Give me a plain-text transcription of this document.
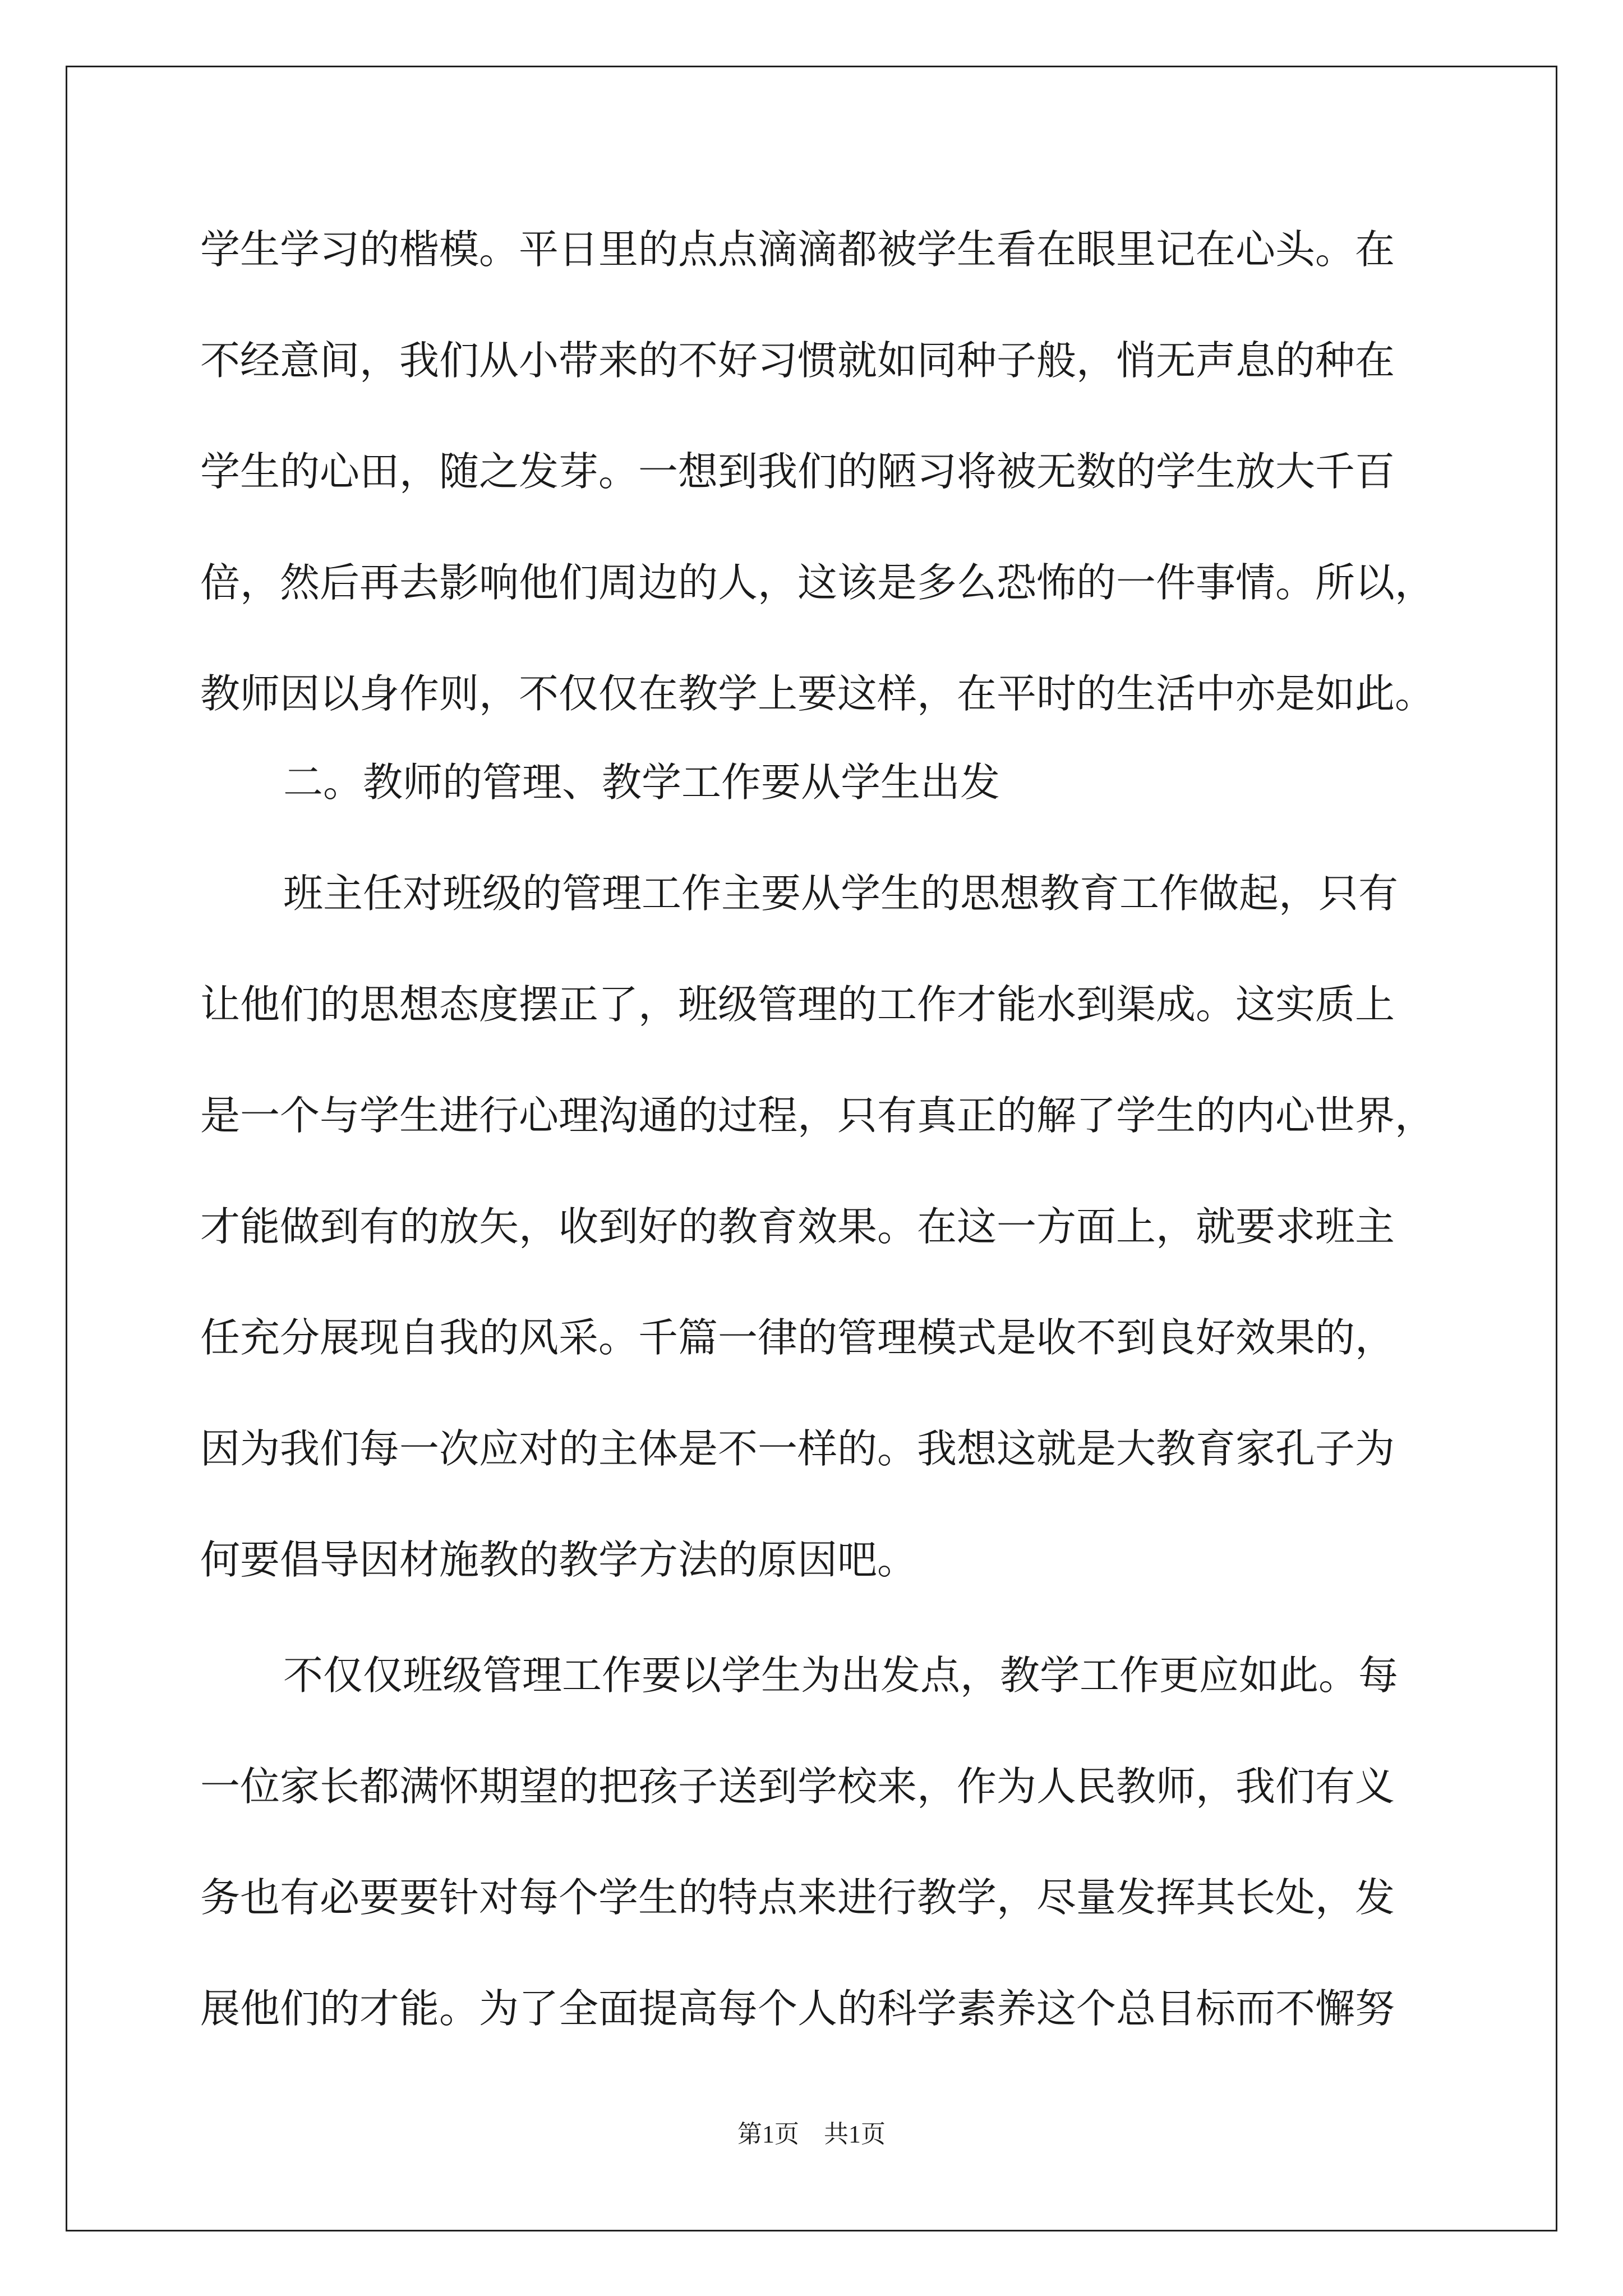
学生学习的楷模。平日里的点点滴滴都被学生看在眼里记在心头。在
不经意间，我们从小带来的不好习惯就如同种子般，悄无声息的种在
学生的心田，随之发芽。一想到我们的陋习将被无数的学生放大千百
倍，然后再去影响他们周边的人，这该是多么恐怖的一件事情。所以，
教师因以身作则，不仅仅在教学上要这样，在平时的生活中亦是如此。
二。教师的管理、教学工作要从学生出发
班主任对班级的管理工作主要从学生的思想教育工作做起，只有
让他们的思想态度摆正了，班级管理的工作才能水到渠成。这实质上
是一个与学生进行心理沟通的过程，只有真正的解了学生的内心世界，
才能做到有的放矢，收到好的教育效果。在这一方面上，就要求班主
任充分展现自我的风采。千篇一律的管理模式是收不到良好效果的，
因为我们每一次应对的主体是不一样的。我想这就是大教育家孔子为
何要倡导因材施教的教学方法的原因吧。
不仅仅班级管理工作要以学生为出发点，教学工作更应如此。每
一位家长都满怀期望的把孩子送到学校来，作为人民教师，我们有义
务也有必要要针对每个学生的特点来进行教学，尽量发挥其长处，发
展他们的才能。为了全面提高每个人的科学素养这个总目标而不懈努
第1页　共1页
